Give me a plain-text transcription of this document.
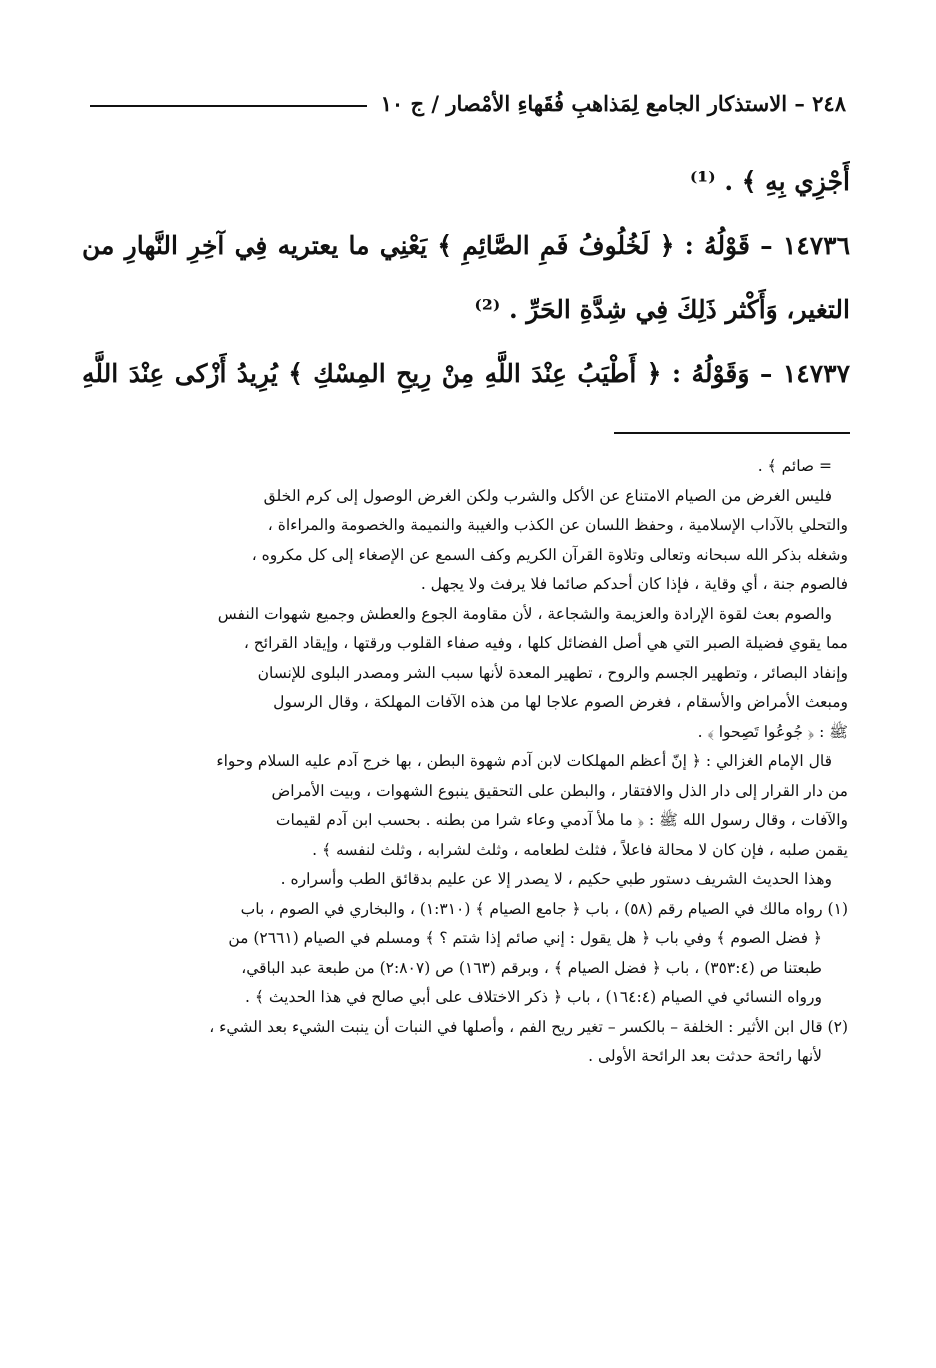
٢٤٨ – الاستذكار الجامع لِمَذاهبِ فُقَهاءِ الأمْصار / ج ١٠

أَجْزِي بِهِ ﴾ . ⁽¹⁾

١٤٧٣٦ – قَوْلُهُ : ﴿ لَخُلُوفُ فَمِ الصَّائِمِ ﴾ يَعْنِي ما يعتريه فِي آخِرِ النَّهارِ من

التغير، وَأَكْثر ذَلِكَ فِي شِدَّةِ الحَرِّ . ⁽²⁾

١٤٧٣٧ – وَقَوْلُهُ : ﴿ أَطْيَبُ عِنْدَ اللَّهِ مِنْ رِيحِ المِسْكِ ﴾ يُرِيدُ أَزْكى عِنْدَ اللَّهِ

= صائم ﴾ .

فليس الغرض من الصيام الامتناع عن الأكل والشرب ولكن الغرض الوصول إلى كرم الخلق

والتحلي بالآداب الإسلامية ، وحفظ اللسان عن الكذب والغيبة والنميمة والخصومة والمراءاة ،

وشغله بذكر الله سبحانه وتعالى وتلاوة القرآن الكريم وكف السمع عن الإصغاء إلى كل مكروه ،

فالصوم جنة ، أي وقاية ، فإذا كان أحدكم صائما فلا يرفث ولا يجهل .

والصوم بعث لقوة الإرادة والعزيمة والشجاعة ، لأن مقاومة الجوع والعطش وجميع شهوات النفس

مما يقوي فضيلة الصبر التي هي أصل الفضائل كلها ، وفيه صفاء القلوب ورقتها ، وإيقاد القرائح ،

وإنفاد البصائر ، وتطهير الجسم والروح ، تطهير المعدة لأنها سبب الشر ومصدر البلوى للإنسان

ومبعث الأمراض والأسقام ، فغرض الصوم علاجا لها من هذه الآفات المهلكة ، وقال الرسول

ﷺ : ﴿ جُوعُوا تَصِحوا ﴾ .

قال الإمام الغزالي : ﴿ إنّ أعظم المهلكات لابن آدم شهوة البطن ، بها خرج آدم عليه السلام وحواء

من دار القرار إلى دار الذل والافتقار ، والبطن على التحقيق ينبوع الشهوات ، وبيت الأمراض

والآفات ، وقال رسول الله ﷺ : ﴿ ما ملأ آدمي وعاء شرا من بطنه . بحسب ابن آدم لقيمات

يقمن صلبه ، فإن كان لا محالة فاعلاً ، فثلث لطعامه ، وثلث لشرابه ، وثلث لنفسه ﴾ .

وهذا الحديث الشريف دستور طبي حكيم ، لا يصدر إلا عن عليم بدقائق الطب وأسراره .

(١) رواه مالك في الصيام رقم (٥٨) ، باب ﴿ جامع الصيام ﴾ (١:٣١٠) ، والبخاري في الصوم ، باب

﴿ فضل الصوم ﴾ وفي باب ﴿ هل يقول : إني صائم إذا شتم ؟ ﴾ ومسلم في الصيام (٢٦٦١) من

طبعتنا ص (٣٥٣:٤) ، باب ﴿ فضل الصيام ﴾ ، وبرقم (١٦٣) ص (٢:٨٠٧) من طبعة عبد الباقي،

ورواه النسائي في الصيام (١٦٤:٤) ، باب ﴿ ذكر الاختلاف على أبي صالح في هذا الحديث ﴾ .

(٢) قال ابن الأثير : الخلفة – بالكسر – تغير ريح الفم ، وأصلها في النبات أن ينبت الشيء بعد الشيء ،

لأنها رائحة حدثت بعد الرائحة الأولى .
